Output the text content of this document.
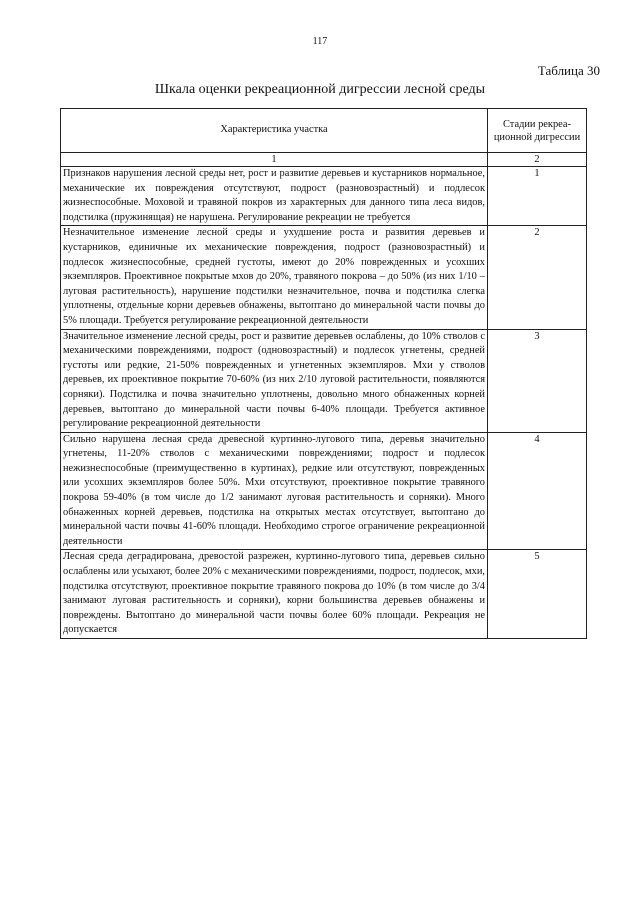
117
Таблица 30
Шкала оценки рекреационной дигрессии лесной среды
Характеристика участка	Стадии рекреа-ционной дигрессии
1	2
Признаков нарушения лесной среды нет, рост и развитие деревьев и кустарников нормальное, механические их повреждения отсутствуют, подрост (разновозрастный) и подлесок жизнеспособные. Моховой и травяной покров из характерных для данного типа леса видов, подстилка (пружинящая) не нарушена. Регулирование рекреации не требуется	1
Незначительное изменение лесной среды и ухудшение роста и развития деревьев и кустарников, единичные их механические повреждения, подрост (разновозрастный) и подлесок жизнеспособные, средней густоты, имеют до 20% поврежденных и усохших экземпляров. Проективное покрытые мхов до 20%, травяного покрова – до 50% (из них 1/10 – луговая растительность), нарушение подстилки незначительное, почва и подстилка слегка уплотнены, отдельные корни деревьев обнажены, вытоптано до минеральной части почвы до 5% площади. Требуется регулирование рекреационной деятельности	2
Значительное изменение лесной среды, рост и развитие деревьев ослаблены, до 10% стволов с механическими повреждениями, подрост (одновозрастный) и подлесок угнетены, средней густоты или редкие, 21-50% поврежденных и угнетенных экземпляров. Мхи у стволов деревьев, их проективное покрытие 70-60% (из них 2/10 луговой растительности, появляются сорняки). Подстилка и почва значительно уплотнены, довольно много обнаженных корней деревьев, вытоптано до минеральной части почвы 6-40% площади. Требуется активное регулирование рекреационной деятельности	3
Сильно нарушена лесная среда древесной куртинно-лугового типа, деревья значительно угнетены, 11-20% стволов с механическими повреждениями; подрост и подлесок нежизнеспособные (преимущественно в куртинах), редкие или отсутствуют, поврежденных или усохших экземпляров более 50%. Мхи отсутствуют, проективное покрытие травяного покрова 59-40% (в том числе до 1/2 занимают луговая растительность и сорняки). Много обнаженных корней деревьев, подстилка на открытых местах отсутствует, вытоптано до минеральной части почвы 41-60% площади. Необходимо строгое ограничение рекреационной деятельности	4
Лесная среда деградирована, древостой разрежен, куртинно-лугового типа, деревьев сильно ослаблены или усыхают, более 20% с механическими повреждениями, подрост, подлесок, мхи, подстилка отсутствуют, проективное покрытие травяного покрова до 10% (в том числе до 3/4 занимают луговая растительность и сорняки), корни большинства деревьев обнажены и повреждены. Вытоптано до минеральной части почвы более 60% площади. Рекреация не допускается	5
